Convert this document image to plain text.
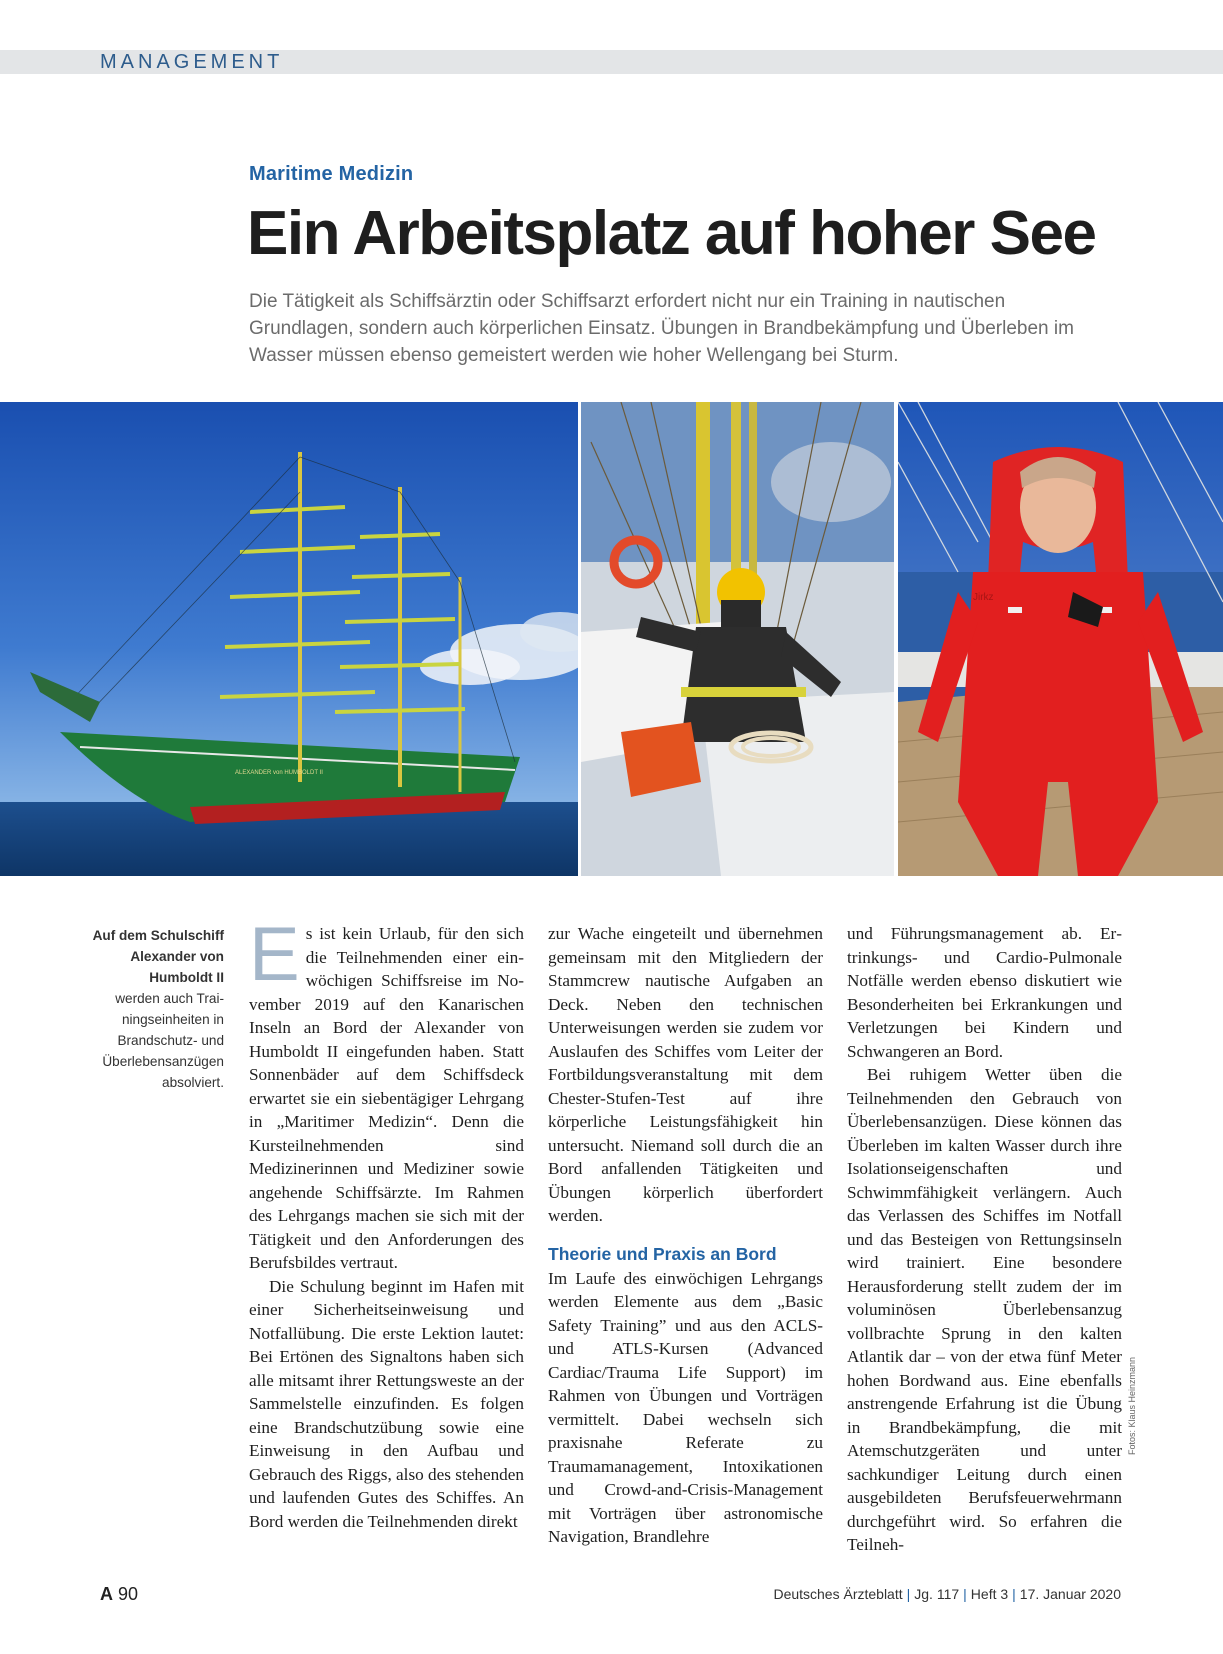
MANAGEMENT
Maritime Medizin
Ein Arbeitsplatz auf hoher See

Die Tätigkeit als Schiffsärztin oder Schiffsarzt erfordert nicht nur ein Training in nautischen Grundlagen, sondern auch körperlichen Einsatz. Übungen in Brandbekämpfung und Überleben im Wasser müssen ebenso gemeistert werden wie hoher Wellengang bei Sturm.

ALEXANDER von HUMBOLDT II
Jirkz
Auf dem Schulschiff Alexander von Humboldt II
werden auch Trainingseinheiten in Brandschutz- und Überlebensanzügen absolviert.

Es ist kein Urlaub, für den sich die Teilnehmenden einer einwöchigen Schiffsreise im November 2019 auf den Kanarischen Inseln an Bord der Alexander von Humboldt II eingefunden haben. Statt Sonnenbäder auf dem Schiffsdeck erwartet sie ein siebentägiger Lehrgang in „Maritimer Medizin“. Denn die Kursteilnehmenden sind Medizinerinnen und Mediziner sowie angehende Schiffsärzte. Im Rahmen des Lehrgangs machen sie sich mit der Tätigkeit und den Anforderungen des Berufsbildes vertraut.

Die Schulung beginnt im Hafen mit einer Sicherheitseinweisung und Notfallübung. Die erste Lektion lautet: Bei Ertönen des Signaltons haben sich alle mitsamt ihrer Rettungsweste an der Sammelstelle einzufinden. Es folgen eine Brandschutzübung sowie eine Einweisung in den Aufbau und Gebrauch des Riggs, also des stehenden und laufenden Gutes des Schiffes. An Bord werden die Teilnehmenden direkt

zur Wache eingeteilt und übernehmen gemeinsam mit den Mitgliedern der Stammcrew nautische Aufgaben an Deck. Neben den technischen Unterweisungen werden sie zudem vor Auslaufen des Schiffes vom Leiter der Fortbildungsveranstaltung mit dem Chester-Stufen-Test auf ihre körperliche Leistungsfähigkeit hin untersucht. Niemand soll durch die an Bord anfallenden Tätigkeiten und Übungen körperlich überfordert werden.

Theorie und Praxis an Bord

Im Laufe des einwöchigen Lehrgangs werden Elemente aus dem „Basic Safety Training” und aus den ACLS- und ATLS-Kursen (Advanced Cardiac/Trauma Life Support) im Rahmen von Übungen und Vorträgen vermittelt. Dabei wechseln sich praxisnahe Referate zu Traumamanagement, Intoxikationen und Crowd-and-Crisis-Management mit Vorträgen über astronomische Navigation, Brandlehre

und Führungsmanagement ab. Ertrinkungs- und Cardio-Pulmonale Notfälle werden ebenso diskutiert wie Besonderheiten bei Erkrankungen und Verletzungen bei Kindern und Schwangeren an Bord.

Bei ruhigem Wetter üben die Teilnehmenden den Gebrauch von Überlebensanzügen. Diese können das Überleben im kalten Wasser durch ihre Isolationseigenschaften und Schwimmfähigkeit verlängern. Auch das Verlassen des Schiffes im Notfall und das Besteigen von Rettungsinseln wird trainiert. Eine besondere Herausforderung stellt zudem der im voluminösen Überlebensanzug vollbrachte Sprung in den kalten Atlantik dar – von der etwa fünf Meter hohen Bordwand aus. Eine ebenfalls anstrengende Erfahrung ist die Übung in Brandbekämpfung, die mit Atemschutzgeräten und unter sachkundiger Leitung durch einen ausgebildeten Berufsfeuerwehrmann durchgeführt wird. So erfahren die Teilneh-

Fotos: Klaus Heinzmann
A 90	Deutsches Ärzteblatt | Jg. 117 | Heft 3 | 17. Januar 2020
